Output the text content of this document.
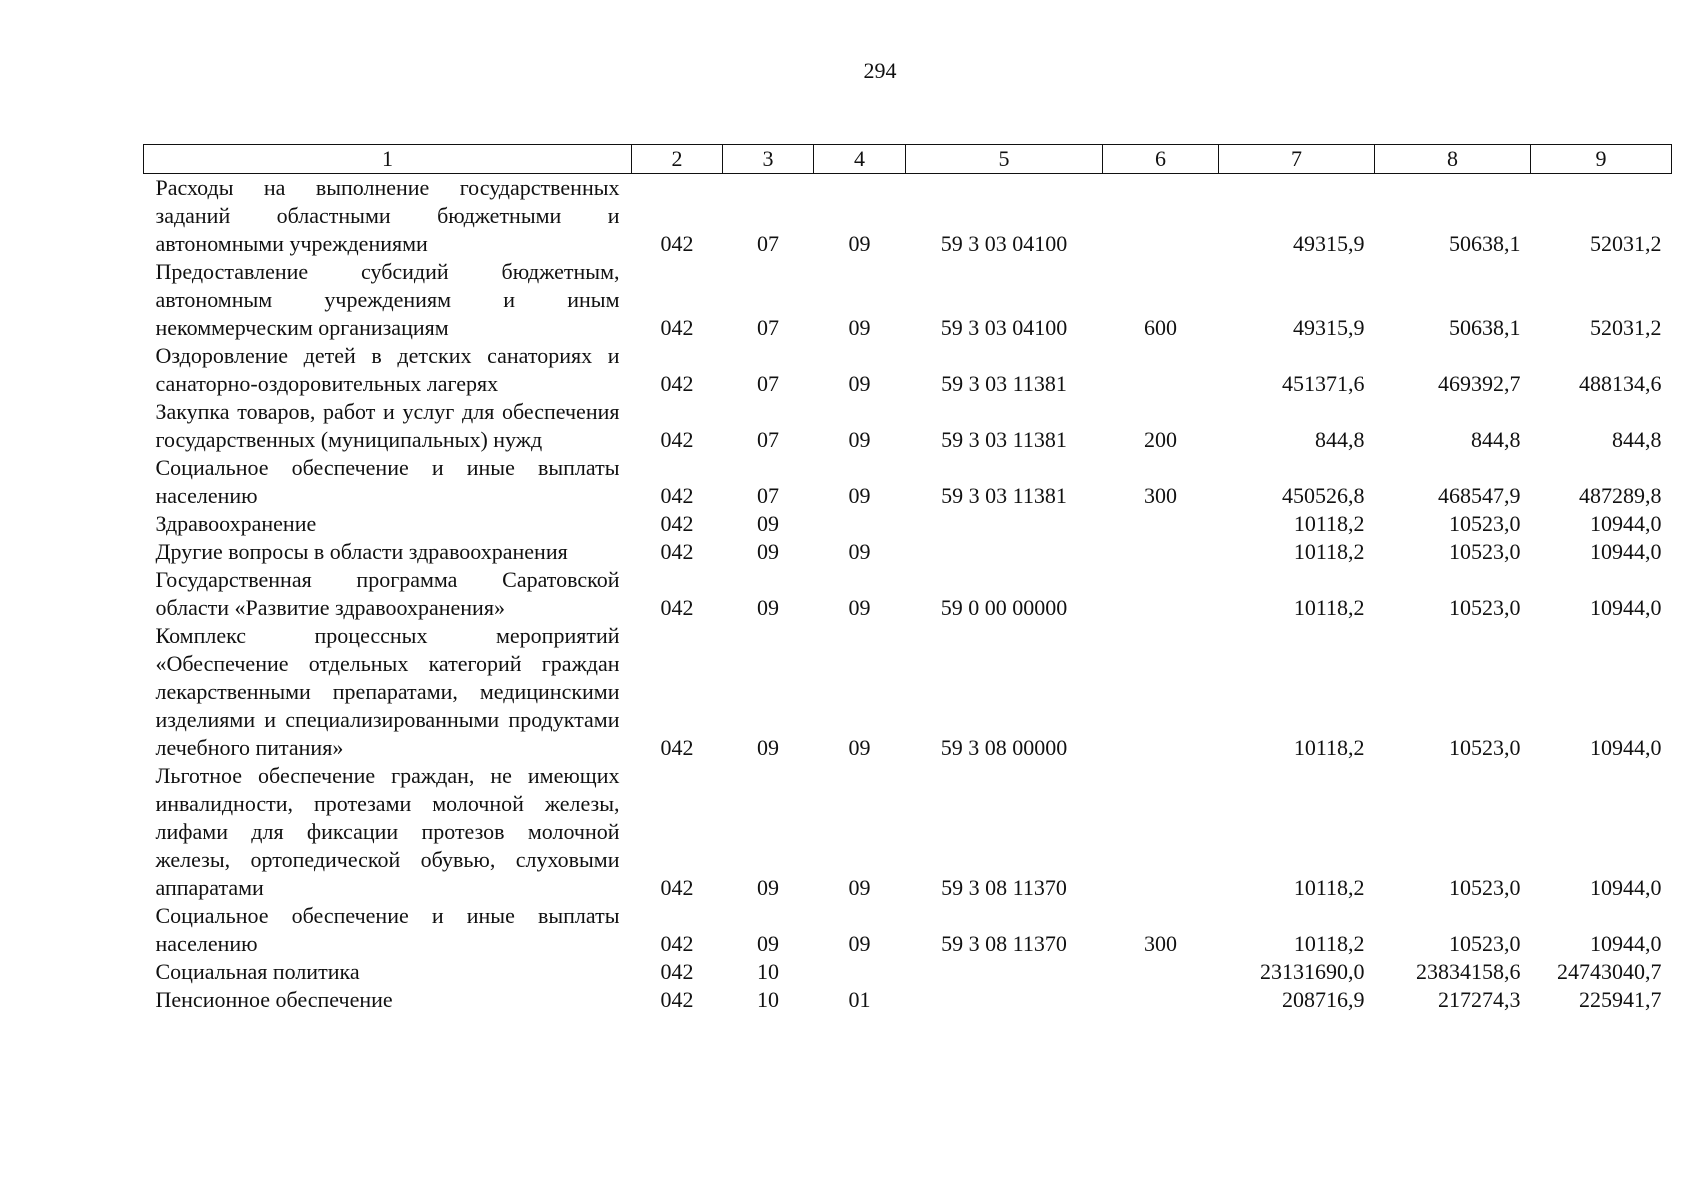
294
1	2	3	4	5	6	7	8	9
Расходы на выполнение государственных заданий областными бюджетными и автономными учреждениями	042	07	09	59 3 03 04100		49315,9	50638,1	52031,2
Предоставление субсидий бюджетным, автономным учреждениям и иным некоммерческим организациям	042	07	09	59 3 03 04100	600	49315,9	50638,1	52031,2
Оздоровление детей в детских санаториях и санаторно-оздоровительных лагерях	042	07	09	59 3 03 11381		451371,6	469392,7	488134,6
Закупка товаров, работ и услуг для обеспечения государственных (муниципальных) нужд	042	07	09	59 3 03 11381	200	844,8	844,8	844,8
Социальное обеспечение и иные выплаты населению	042	07	09	59 3 03 11381	300	450526,8	468547,9	487289,8
Здравоохранение	042	09				10118,2	10523,0	10944,0
Другие вопросы в области здравоохранения	042	09	09			10118,2	10523,0	10944,0
Государственная программа Саратовской области «Развитие здравоохранения»	042	09	09	59 0 00 00000		10118,2	10523,0	10944,0
Комплекс процессных мероприятий «Обеспечение отдельных категорий граждан лекарственными препаратами, медицинскими изделиями и специализированными продуктами лечебного питания»	042	09	09	59 3 08 00000		10118,2	10523,0	10944,0
Льготное обеспечение граждан, не имеющих инвалидности, протезами молочной железы, лифами для фиксации протезов молочной железы, ортопедической обувью, слуховыми аппаратами	042	09	09	59 3 08 11370		10118,2	10523,0	10944,0
Социальное обеспечение и иные выплаты населению	042	09	09	59 3 08 11370	300	10118,2	10523,0	10944,0
Социальная политика	042	10				23131690,0	23834158,6	24743040,7
Пенсионное обеспечение	042	10	01			208716,9	217274,3	225941,7
